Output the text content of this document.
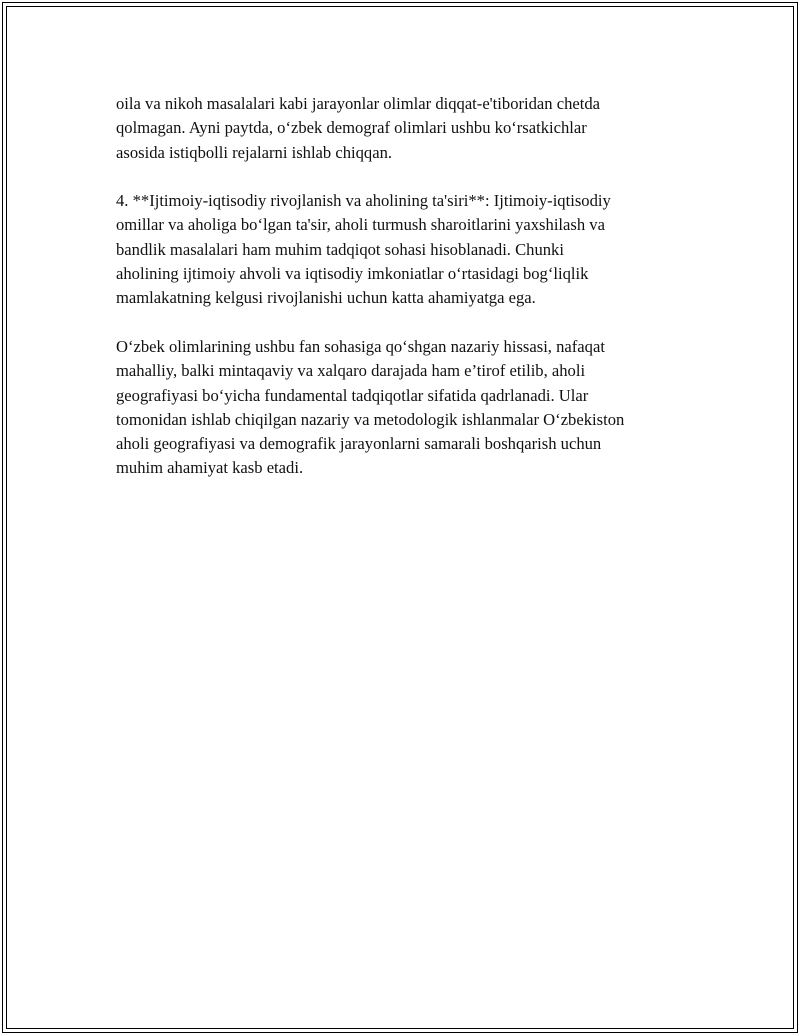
oila va nikoh masalalari kabi jarayonlar olimlar diqqat-e'tiboridan chetda
qolmagan. Ayni paytda, o‘zbek demograf olimlari ushbu ko‘rsatkichlar
asosida istiqbolli rejalarni ishlab chiqqan.

4. **Ijtimoiy-iqtisodiy rivojlanish va aholining ta'siri**: Ijtimoiy-iqtisodiy
omillar va aholiga bo‘lgan ta'sir, aholi turmush sharoitlarini yaxshilash va
bandlik masalalari ham muhim tadqiqot sohasi hisoblanadi. Chunki
aholining ijtimoiy ahvoli va iqtisodiy imkoniatlar o‘rtasidagi bog‘liqlik
mamlakatning kelgusi rivojlanishi uchun katta ahamiyatga ega.

O‘zbek olimlarining ushbu fan sohasiga qo‘shgan nazariy hissasi, nafaqat
mahalliy, balki mintaqaviy va xalqaro darajada ham e’tirof etilib, aholi
geografiyasi bo‘yicha fundamental tadqiqotlar sifatida qadrlanadi. Ular
tomonidan ishlab chiqilgan nazariy va metodologik ishlanmalar O‘zbekiston
aholi geografiyasi va demografik jarayonlarni samarali boshqarish uchun
muhim ahamiyat kasb etadi.
